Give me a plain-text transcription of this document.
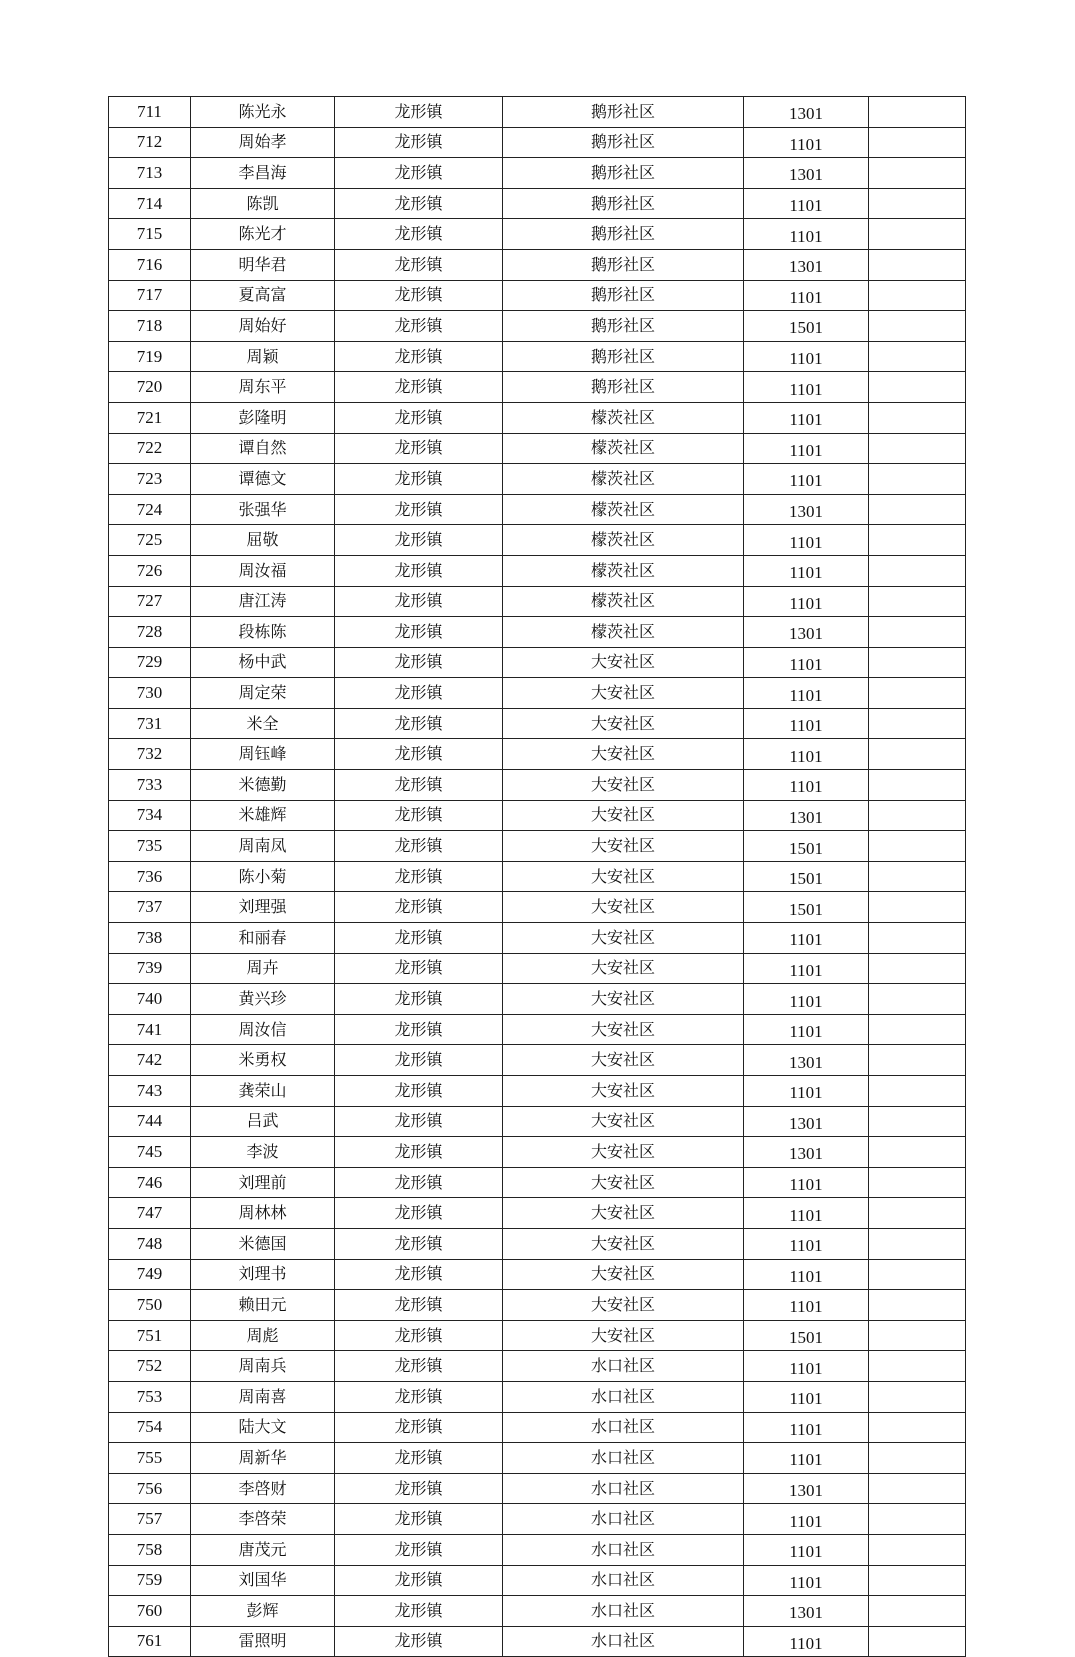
711	陈光永	龙形镇	鹅形社区	1301	
712	周始孝	龙形镇	鹅形社区	1101	
713	李昌海	龙形镇	鹅形社区	1301	
714	陈凯	龙形镇	鹅形社区	1101	
715	陈光才	龙形镇	鹅形社区	1101	
716	明华君	龙形镇	鹅形社区	1301	
717	夏高富	龙形镇	鹅形社区	1101	
718	周始好	龙形镇	鹅形社区	1501	
719	周颖	龙形镇	鹅形社区	1101	
720	周东平	龙形镇	鹅形社区	1101	
721	彭隆明	龙形镇	檬茨社区	1101	
722	谭自然	龙形镇	檬茨社区	1101	
723	谭德文	龙形镇	檬茨社区	1101	
724	张强华	龙形镇	檬茨社区	1301	
725	屈敬	龙形镇	檬茨社区	1101	
726	周汝福	龙形镇	檬茨社区	1101	
727	唐江涛	龙形镇	檬茨社区	1101	
728	段栋陈	龙形镇	檬茨社区	1301	
729	杨中武	龙形镇	大安社区	1101	
730	周定荣	龙形镇	大安社区	1101	
731	米全	龙形镇	大安社区	1101	
732	周钰峰	龙形镇	大安社区	1101	
733	米德勤	龙形镇	大安社区	1101	
734	米雄辉	龙形镇	大安社区	1301	
735	周南凤	龙形镇	大安社区	1501	
736	陈小菊	龙形镇	大安社区	1501	
737	刘理强	龙形镇	大安社区	1501	
738	和丽春	龙形镇	大安社区	1101	
739	周卉	龙形镇	大安社区	1101	
740	黄兴珍	龙形镇	大安社区	1101	
741	周汝信	龙形镇	大安社区	1101	
742	米勇权	龙形镇	大安社区	1301	
743	龚荣山	龙形镇	大安社区	1101	
744	吕武	龙形镇	大安社区	1301	
745	李波	龙形镇	大安社区	1301	
746	刘理前	龙形镇	大安社区	1101	
747	周林林	龙形镇	大安社区	1101	
748	米德国	龙形镇	大安社区	1101	
749	刘理书	龙形镇	大安社区	1101	
750	赖田元	龙形镇	大安社区	1101	
751	周彪	龙形镇	大安社区	1501	
752	周南兵	龙形镇	水口社区	1101	
753	周南喜	龙形镇	水口社区	1101	
754	陆大文	龙形镇	水口社区	1101	
755	周新华	龙形镇	水口社区	1101	
756	李啓财	龙形镇	水口社区	1301	
757	李啓荣	龙形镇	水口社区	1101	
758	唐茂元	龙形镇	水口社区	1101	
759	刘国华	龙形镇	水口社区	1101	
760	彭辉	龙形镇	水口社区	1301	
761	雷照明	龙形镇	水口社区	1101	
